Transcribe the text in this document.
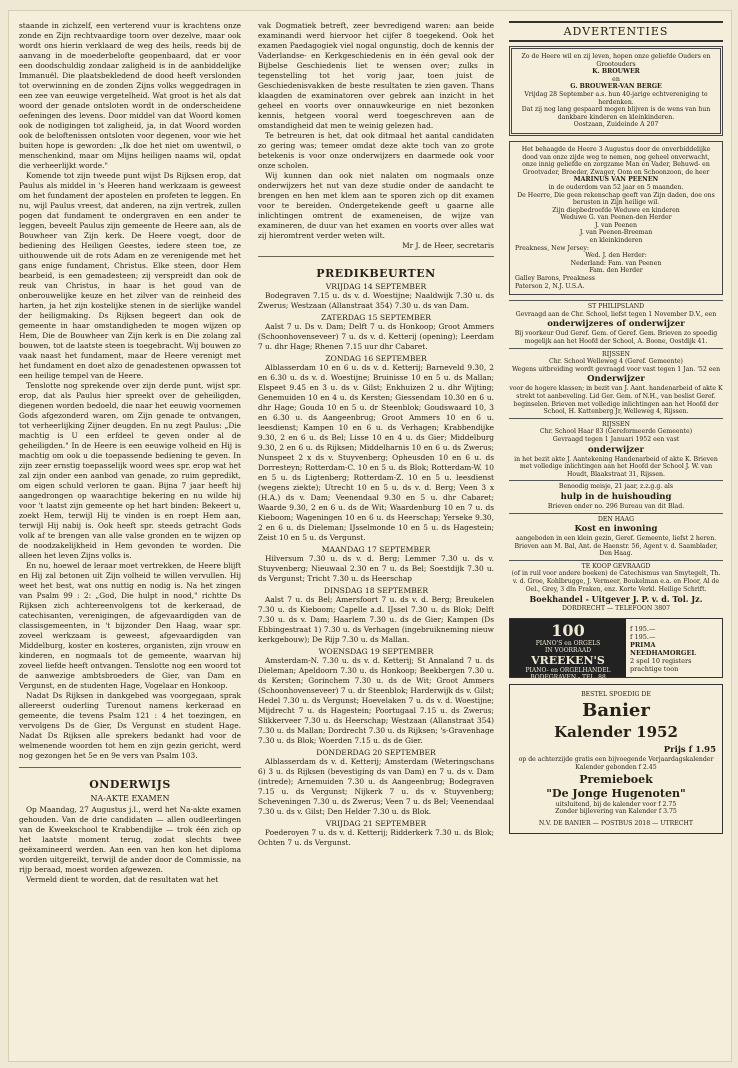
staande in zichzelf, een verterend vuur is krachtens onze zonde en Zijn rechtvaardige toorn over dezelve, maar ook wordt ons hierin verklaard de weg des heils, reeds bij de aanvang in de moederbelofte geopenbaard, dat er voor een doodschuldig zondaar zaligheid is in de aanbiddelijke Immanuël. Die plaatsbekledend de dood heeft verslonden tot overwinning en de zonden Zijns volks weggedragen in een zee van eeuwige vergetelheid. Wat groot is het als dat woord der genade ontsloten wordt in de onderscheidene oefeningen des levens. Door middel van dat Woord komen ook de nodigingen tot zaligheid, ja, in dat Woord worden ook de beloftenissen ontsloten voor degenen, voor wie het buiten hope is geworden: „Ik doe het niet om uwentwil, o menschenkind, maar om Mijns heiligen naams wil, opdat die verheerlijkt worde."

Komende tot zijn tweede punt wijst Ds Rijksen erop, dat Paulus als middel in 's Heeren hand werkzaam is geweest om het fundament der apostelen en profeten te leggen. En nu, wijl Paulus vreest, dat anderen, na zijn vertrek, zullen pogen dat fundament te ondergraven en een ander te leggen, beveelt Paulus zijn gemeente de Heere aan, als de Bouwheer van Zijn kerk. De Heere voegt, door de bediening des Heiligen Geestes, iedere steen toe, ze uithouwende uit de rots Adam en ze verenigende met het gans enige fundament, Christus. Elke steen, door Hem bearbeid, is een gemadesteen; zij verspreidt dan ook de reuk van Christus, in haar is het goud van de onberouwelijke keuze en het zilver van de reinheid des harten, ja het zijn kostelijke stenen in de sierlijke wandel der heiligmaking. Ds Rijksen begeert dan ook de gemeente in haar omstandigheden te mogen wijzen op Hem, Die de Bouwheer van Zijn kerk is en Die zolang zal bouwen, tot de laatste steen is toegebracht. Wij bouwen zo vaak naast het fundament, maar de Heere verenigt met het fundament en doet alzo de genadestenen opwassen tot een heilige tempel van de Heere.

Tenslotte nog sprekende over zijn derde punt, wijst spr. erop, dat als Paulus hier spreekt over de geheiligden, diegenen worden bedoeld, die naar het eeuwig voornemen Gods afgezonderd waren, om Zijn genade te ontvangen, tot verheerlijking Zijner deugden. En nu zegt Paulus: „Die machtig is U een erfdeel te geven onder al de geheiligden." In de Heere is een eeuwige volheid en Hij is machtig om ook u die toepassende bediening te geven. In zijn zeer ernstig toepasselijk woord wees spr. erop wat het zal zijn onder een aanbod van genade, zo ruim gepredikt, om eigen schuld verloren te gaan. Bijna 7 jaar heeft hij aangedrongen op waarachtige bekering en nu wilde hij voor 't laatst zijn gemeente op het hart binden: Bekeert u, zoekt Hem, terwijl Hij te vinden is en roept Hem aan, terwijl Hij nabij is. Ook heeft spr. steeds getracht Gods volk af te brengen van alle valse gronden en te wijzen op de noodzakelijkheid in Hem gevonden te worden. Die alleen het leven Zijns volks is.

En nu, hoewel de leraar moet vertrekken, de Heere blijft en Hij zal betonen uit Zijn volheid te willen vervullen. Hij weet het best, wat ons nuttig en nodig is. Na het zingen van Psalm 99 : 2: „God, Die hulpt in nood," richtte Ds Rijksen zich achtereenvolgens tot de kerkeraad, de catechisanten, verenigingen, de afgevaardigden van de classisgemeenten, in 't bijzonder Den Haag, waar spr. zoveel werkzaam is geweest, afgevaardigden van Middelburg, koster en kosteres, organisten, zijn vrouw en kinderen, en nogmaals tot de gemeente, waarvan hij zoveel liefde heeft ontvangen. Tenslotte nog een woord tot de aanwezige ambtsbroeders de Gier, van Dam en Vergunst, en de studenten Hage, Vogelaar en Honkoop.

Nadat Ds Rijksen in dankgebed was voorgegaan, sprak allereerst ouderling Turenout namens kerkeraad en gemeente, die tevens Psalm 121 : 4 het toezingen, en vervolgens Ds de Gier, Ds Vergunst en student Hage. Nadat Ds Rijksen alle sprekers bedankt had voor de welmenende woorden tot hem en zijn gezin gericht, werd nog gezongen het 5e en 9e vers van Psalm 103.

ONDERWIJS
NA-AKTE EXAMEN

Op Maandag, 27 Augustus j.l., werd het Na-akte examen gehouden. Van de drie candidaten — allen oudleerlingen van de Kweekschool te Krabbendijke — trok één zich op het laatste moment terug, zodat slechts twee geëxamineerd werden. Aan een van hen kon het diploma worden uitgereikt, terwijl de ander door de Commissie, na rijp beraad, moest worden afgewezen.

Vermeld dient te worden, dat de resultaten wat het

vak Dogmatiek betreft, zeer bevredigend waren: aan beide examinandi werd hiervoor het cijfer 8 toegekend. Ook het examen Paedagogiek viel nogal ongunstig, doch de kennis der Vaderlandse- en Kerkgeschiedenis en in één geval ook der Bijbelse Geschiedenis liet te wensen over; zulks in tegenstelling tot het vorig jaar, toen juist de Geschiedenisvakken de beste resultaten te zien gaven. Thans klaagden de examinatoren over gebrek aan inzicht in het geheel en voorts over onnauwkeurige en niet bezonken kennis, hetgeen vooral werd toegeschreven aan de omstandigheid dat men te weinig gelezen had.

Te betreuren is het, dat ook ditmaal het aantal candidaten zo gering was; temeer omdat deze akte toch van zo grote betekenis is voor onze onderwijzers en daarmede ook voor onze scholen.

Wij kunnen dan ook niet nalaten om nogmaals onze onderwijzers het nut van deze studie onder de aandacht te brengen en hen met klem aan te sporen zich op dit examen voor te bereiden. Ondergetekende geeft u gaarne alle inlichtingen omtrent de exameneisen, de wijze van examineren, de duur van het examen en voorts over alles wat zij hieromtrent verder weten wilt.

Mr J. de Heer, secretaris
PREDIKBEURTEN
VRIJDAG 14 SEPTEMBER

Bodegraven 7.15 u. ds v. d. Woestijne; Naaldwijk 7.30 u. ds Zwerus; Westzaan (Allanstraat 354) 7.30 u. ds van Dam.

ZATERDAG 15 SEPTEMBER

Aalst 7 u. Ds v. Dam; Delft 7 u. ds Honkoop; Groot Ammers (Schoonhovenseveer) 7 u. ds v. d. Ketterij (opening); Leerdam 7 u. dhr Hage; Rhenen 7.15 uur dhr Cabaret.

ZONDAG 16 SEPTEMBER

Alblasserdam 10 en 6 u. ds v. d. Ketterij; Barneveld 9.30, 2 en 6.30 u. ds v. d. Woestijne; Bruinisse 10 en 5 u. ds Mallan; Elspeet 9.45 en 3 u. ds v. Gilst; Enkhuizen 2 u. dhr Wijting; Genemuiden 10 en 4 u. ds Kersten; Giessendam 10.30 en 6 u. dhr Hage; Gouda 10 en 5 u. dr Steenblok; Goudswaard 10, 3 en 6.30 u. ds Aangeenbrug; Groot Ammers 10 en 6 u. leesdienst; Kampen 10 en 6 u. ds Verhagen; Krabbendijke 9.30, 2 en 6 u. ds Bel; Lisse 10 en 4 u. ds Gier; Middelburg 9.30, 2 en 6 u. ds Rijksen; Middelharnis 10 en 6 u. ds Zwerus; Nunspeet 2 x ds v. Stuyvenberg; Opheusden 10 en 6 u. ds Dorresteyn; Rotterdam-C. 10 en 5 u. ds Blok; Rotterdam-W. 10 en 5 u. ds Ligtenberg; Rotterdam-Z. 10 en 5 u. leesdienst (wegens ziekte); Utrecht 10 en 5 u. ds v. d. Berg; Veen 3 x (H.A.) ds v. Dam; Veenendaal 9.30 en 5 u. dhr Cabaret; Waarde 9.30, 2 en 6 u. ds de Wit; Waardenburg 10 en 7 u. ds Kieboom; Wageningen 10 en 6 u. ds Heerschap; Yerseke 9.30, 2 en 6 u. ds Dieleman; IJsselmonde 10 en 5 u. ds Hagestein; Zeist 10 en 5 u. ds Vergunst.

MAANDAG 17 SEPTEMBER

Hilversum 7.30 u. ds v. d. Berg; Lemmer 7.30 u. ds v. Stuyvenberg; Nieuwaal 2.30 en 7 u. ds Bel; Soestdijk 7.30 u. ds Vergunst; Tricht 7.30 u. ds Heerschap

DINSDAG 18 SEPTEMBER

Aalst 7 u. ds Bel; Amersfoort 7 u. ds v. d. Berg; Breukelen 7.30 u. ds Kieboom; Capelle a.d. IJssel 7.30 u. ds Blok; Delft 7.30 u. ds v. Dam; Haarlem 7.30 u. ds de Gier; Kampen (Ds Ebbingestraat 1) 7.30 u. ds Verhagen (ingebruikneming nieuw kerkgebouw); De Rijp 7.30 u. ds Mallan.

WOENSDAG 19 SEPTEMBER

Amsterdam-N. 7.30 u. ds v. d. Ketterij; St Annaland 7 u. ds Dieleman; Apeldoorn 7.30 u. ds Honkoop; Beekbergen 7.30 u. ds Kersten; Gorinchem 7.30 u. ds de Wit; Groot Ammers (Schoonhovenseveer) 7 u. dr Steenblok; Harderwijk ds v. Gilst; Hedel 7.30 u. ds Vergunst; Hoevelaken 7 u. ds v. d. Woestijne; Mijdrecht 7 u. ds Hagestein; Poortugaal 7.15 u. ds Zwerus; Slikkerveer 7.30 u. ds Heerschap; Westzaan (Allanstraat 354) 7.30 u. ds Mallan; Dordrecht 7.30 u. ds Rijksen; 's-Gravenhage 7.30 u. ds Blok; Woerden 7.15 u. ds de Gier.

DONDERDAG 20 SEPTEMBER

Alblasserdam ds v. d. Ketterij; Amsterdam (Weteringschans 6) 3 u. ds Rijksen (bevestiging ds van Dam) en 7 u. ds v. Dam (intrede); Arnemuiden 7.30 u. ds Aangeenbrug; Bodegraven 7.15 u. ds Vergunst; Nijkerk 7 u. ds v. Stuyvenberg; Scheveningen 7.30 u. ds Zwerus; Veen 7 u. ds Bel; Veenendaal 7.30 u. ds v. Gilst; Den Helder 7.30 u. ds Blok.

VRIJDAG 21 SEPTEMBER

Poederoyen 7 u. ds v. d. Ketterij; Ridderkerk 7.30 u. ds Blok; Ochten 7 u. ds Vergunst.

ADVERTENTIES

Zo de Heere wil en zij leven, hopen onze geliefde Ouders en Grootouders

K. BROUWER

en

G. BROUWER-VAN BERGE

Vrijdag 28 September a.s. hun 40-jarige echtvereniging te herdenken.

Dat zij nog lang gespaard mogen blijven is de wens van hun dankbare kinderen en kleinkinderen.

Oostzaan, Zuideinde A 207

Het behaagde de Heere 3 Augustus door de onverbiddelijke dood van onze zijde weg te nemen, nog geheel onverwacht, onze innig geliefde en zorgzame Man en Vader, Behuwd- en Grootvader, Broeder, Zwager, Oom en Schoonzoon, de heer

MARINUS VAN PEENEN

in de ouderdom van 52 jaar en 5 maanden.

De Heerre, Die geen rekenschap geeft van Zijn daden, doe ons berusten in Zijn heilige wil.

Zijn diepbedroefde Weduwe en kinderen

Weduwe G. van Peenen-den Herder

J. van Peenen

J. van Peenen-Breeman

en kleinkinderen

Preakness, New Jersey:

Wed. J. den Herder:

Nederland: Fam. van Peenen

Fam. den Herder

Galley Barons, Preakness

Paterson 2, N.J. U.S.A.

ST PHILIPSLAND

Gevraagd aan de Chr. School, liefst tegen 1 November D.V., een

onderwijzeres of onderwijzer

Bij voorkeur Oud Geref. Gem. of Geref. Gem. Brieven zo spoedig mogelijk aan het Hoofd der School, A. Boone, Oostdijk 41.

RIJSSEN

Chr. School Welleweg 4 (Geref. Gemeente)

Wegens uitbreiding wordt gevraagd voor vast tegen 1 Jan. '52 een

Onderwijzer

voor de hogere klassen; in bezit van J. Aant. handenarbeid of akte K strekt tot aanbeveling. Lid Ger. Gem. of N.H., van beslist Geref. beginselen. Brieven met volledige inlichtingen aan het Hoofd der School, H. Kattenberg Jr, Welleweg 4, Rijssen.

RIJSSEN

Chr. School Haar 83 (Gereformeerde Gemeente)

Gevraagd tegen 1 Januari 1952 een vast

onderwijzer

in het bezit akte J. Aantekening Handenarbeid of akte K. Brieven met volledige inlichtingen aan het Hoofd der School J. W. van Houdt, Blaakstraat 31, Rijssen.

Benoodig meisje, 21 jaar, z.z.g.g. als

hulp in de huishouding

Brieven onder no. 296 Bureau van dit Blad.

DEN HAAG

Kost en inwoning

aangeboden in een klein gezin, Geref. Gemeente, liefst 2 heren. Brieven aan M. Bal, Ant. de Haenstr. 56, Agent v. d. Saamblader, Den Haag.

TE KOOP GEVRAAGD

(of in ruil voor andere boeken) de Catechismus van Smytegelt, Th. v. d. Groe, Kohlbrugge, J. Vermeer, Boukelman e.a. en Floor, Al de Oel., Grey, 3 dln Fraken, enz. Korte Verkl. Heilige Schrift.

Boekhandel - Uitgever J. P. v. d. Tol. Jz.

DORDRECHT — TELEFOON 3807

100
PIANO'S en ORGELS
IN VOORRAAD
VREEKEN'S
PIANO- en ORGELHANDEL
BODEGRAVEN - TEL. 88
f 195.—
f 195.—
PRIMA NEEDHAMORGEL
2 spel 10 registers
prachtige toon
BESTEL SPOEDIG DE
Banier
Kalender 1952
Prijs f 1.95
op de achterzijde gratis een bijvoegende Verjaardagskalender
Kalender gebonden f 2.45
Premieboek
"De Jonge Hugenoten"
uitsluitend, bij de kalender voor f 2.75
Zonder bijlevering van Kalender f 3.75
N.V. DE BANIER — POSTBUS 2018 — UTRECHT
